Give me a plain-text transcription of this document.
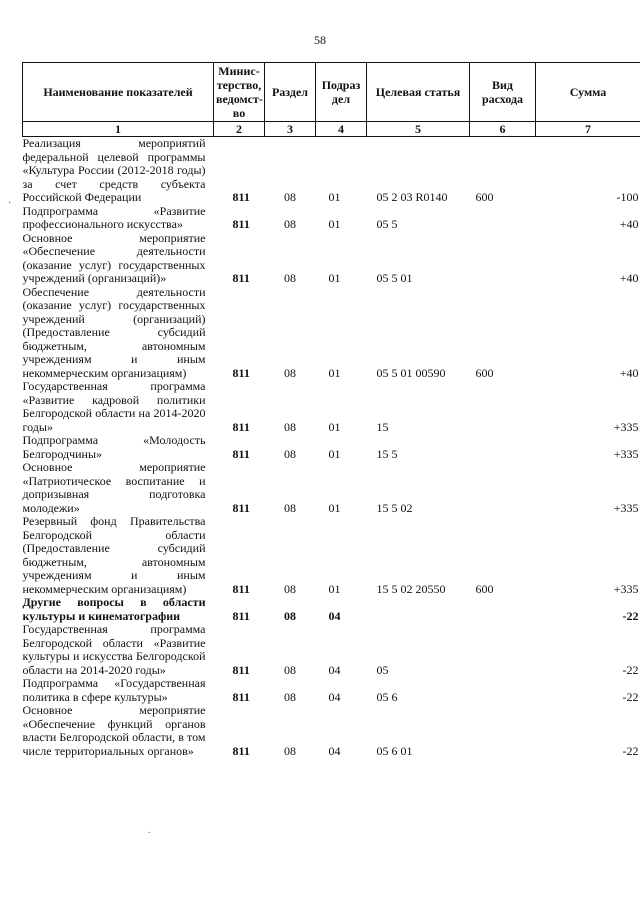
58
Наименование показателей	Минис-терство, ведомст-во	Раздел	Подраз дел	Целевая статья	Вид расхода	Сумма
1	2	3	4	5	6	7
Реализация мероприятий федеральной целевой программы «Культура России (2012-2018 годы) за счет средств субъекта Российской Федерации	811	08	01	05 2 03 R0140	600	-100
Подпрограмма «Развитие профессионального искусства»	811	08	01	05 5		+40
Основное мероприятие «Обеспечение деятельности (оказание услуг) государственных учреждений (организаций)»	811	08	01	05 5 01		+40
Обеспечение деятельности (оказание услуг) государственных учреждений (организаций) (Предоставление субсидий бюджетным, автономным учреждениям и иным некоммерческим организациям)	811	08	01	05 5 01 00590	600	+40
Государственная программа «Развитие кадровой политики Белгородской области на 2014-2020 годы»	811	08	01	15		+335
Подпрограмма «Молодость Белгородчины»	811	08	01	15 5		+335
Основное мероприятие «Патриотическое воспитание и допризывная подготовка молодежи»	811	08	01	15 5 02		+335
Резервный фонд Правительства Белгородской области (Предоставление субсидий бюджетным, автономным учреждениям и иным некоммерческим организациям)	811	08	01	15 5 02 20550	600	+335
Другие вопросы в области культуры и кинематографии	811	08	04			-22
Государственная программа Белгородской области «Развитие культуры и искусства Белгородской области на 2014-2020 годы»	811	08	04	05		-22
Подпрограмма «Государственная политика в сфере культуры»	811	08	04	05 6		-22
Основное мероприятие «Обеспечение функций органов власти Белгородской области, в том числе территориальных органов»	811	08	04	05 6 01		-22
·
.
